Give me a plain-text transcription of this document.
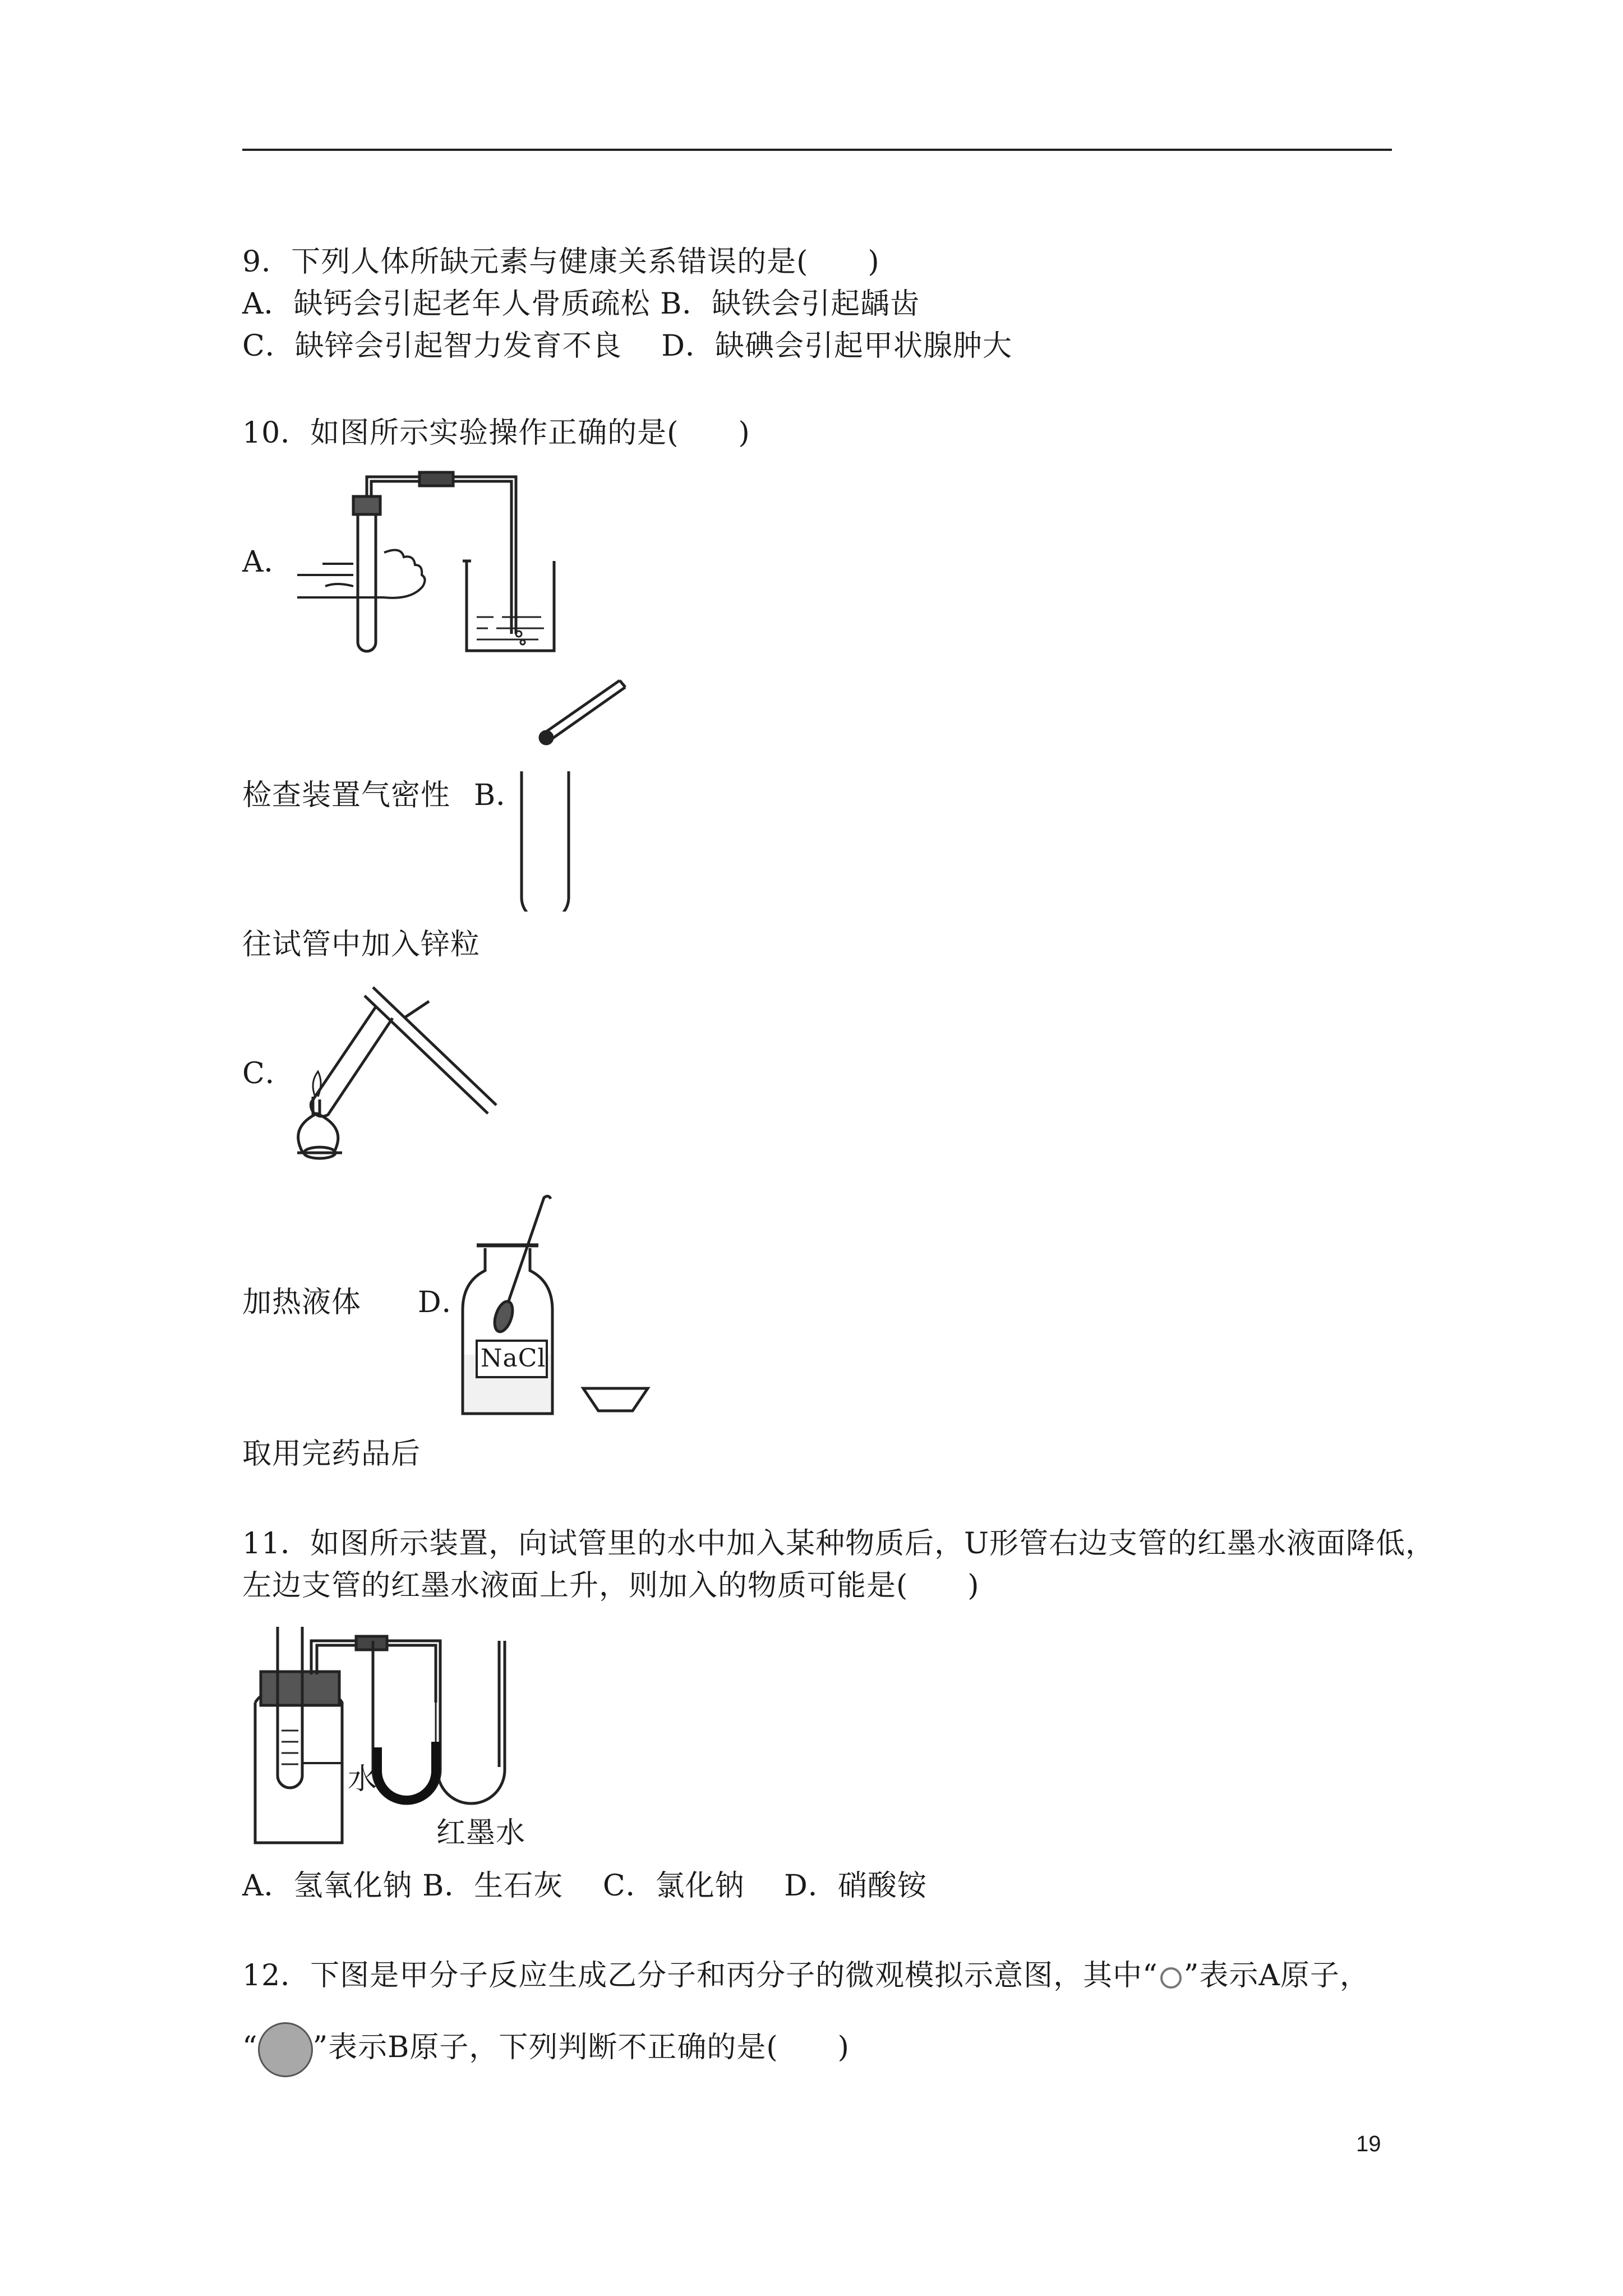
9．下列人体所缺元素与健康关系错误的是(　　)
A．缺钙会引起老年人骨质疏松 B．缺铁会引起龋齿
C．缺锌会引起智力发育不良　 D．缺碘会引起甲状腺肿大
10．如图所示实验操作正确的是(　　)
A．
检查装置气密性 B．
往试管中加入锌粒
C．
加热液体 D．
NaCl
取用完药品后
11．如图所示装置，向试管里的水中加入某种物质后，U形管右边支管的红墨水液面降低，
左边支管的红墨水液面上升，则加入的物质可能是(　　)
水
红墨水
A．氢氧化钠 B．生石灰　 C．氯化钠　 D．硝酸铵
12．下图是甲分子反应生成乙分子和丙分子的微观模拟示意图，其中“ ”表示A原子，
“ ”表示B原子，下列判断不正确的是(　　)
19
